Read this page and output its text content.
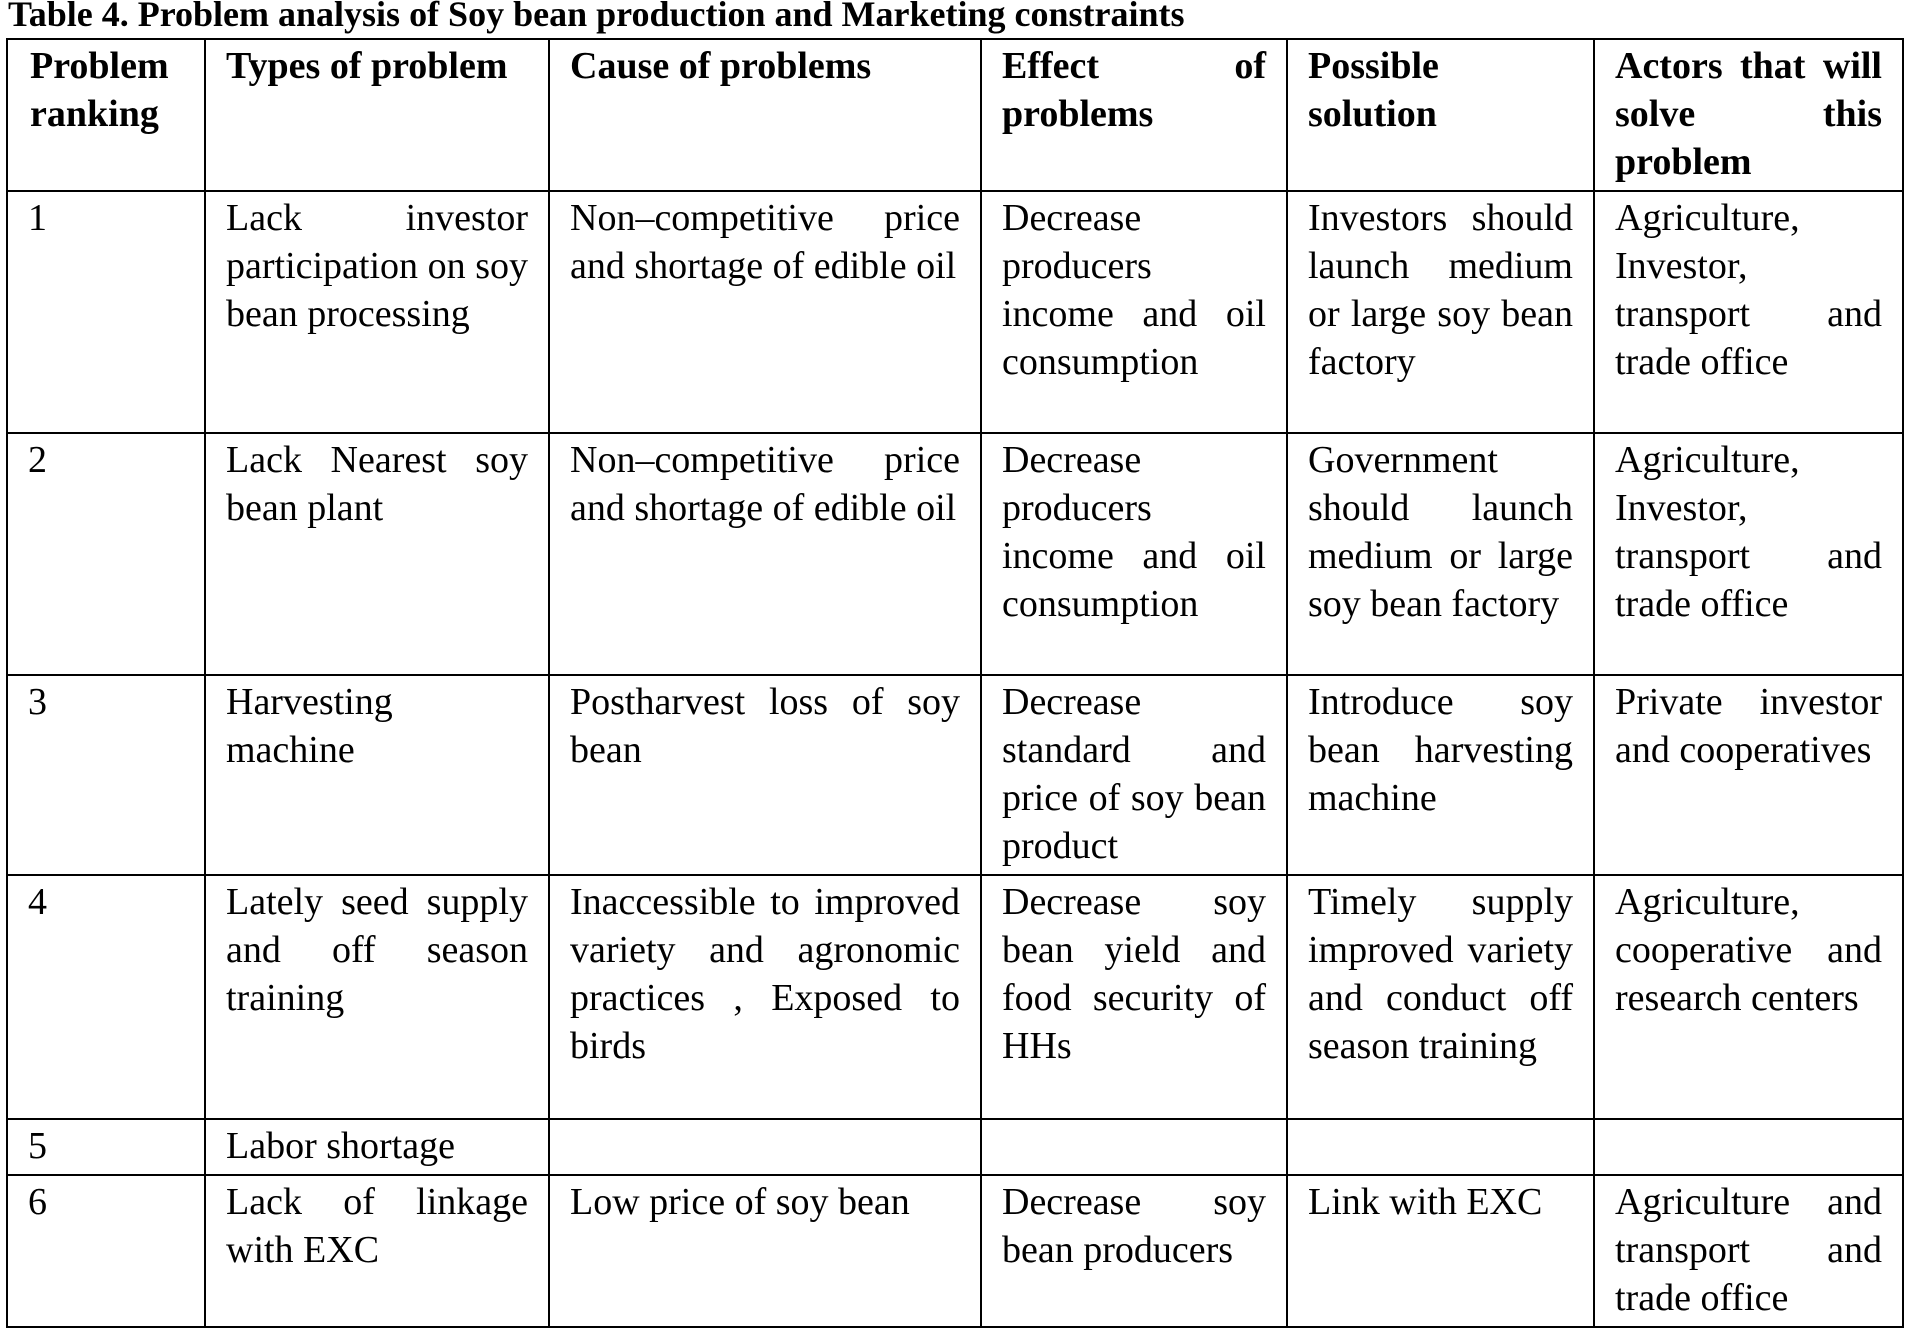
Table 4. Problem analysis of Soy bean production and Marketing constraints
Problem ranking	Types of problem	Cause of problems	Effect of problems	Possible solution	Actors that will solve this problem
1	Lack investor participation on soy bean processing	Non–competitive price and shortage of edible oil	Decrease producers income and oil consumption	Investors should launch medium or large soy bean factory	Agriculture, Investor, transport and trade office
2	Lack Nearest soy bean plant	Non–competitive price and shortage of edible oil	Decrease producers income and oil consumption	Government should launch medium or large soy bean factory	Agriculture, Investor, transport and trade office
3	Harvesting machine	Postharvest loss of soy bean	Decrease standard and price of soy bean product	Introduce soy bean harvesting machine	Private investor and cooperatives
4	Lately seed supply and off season training	Inaccessible to improved variety and agronomic practices , Exposed to birds	Decrease soy bean yield and food security of HHs	Timely supply improved variety and conduct off season training	Agriculture, cooperative and research centers
5	Labor shortage				
6	Lack of linkage with EXC	Low price of soy bean	Decrease soy bean producers	Link with EXC	Agriculture and transport and trade office
